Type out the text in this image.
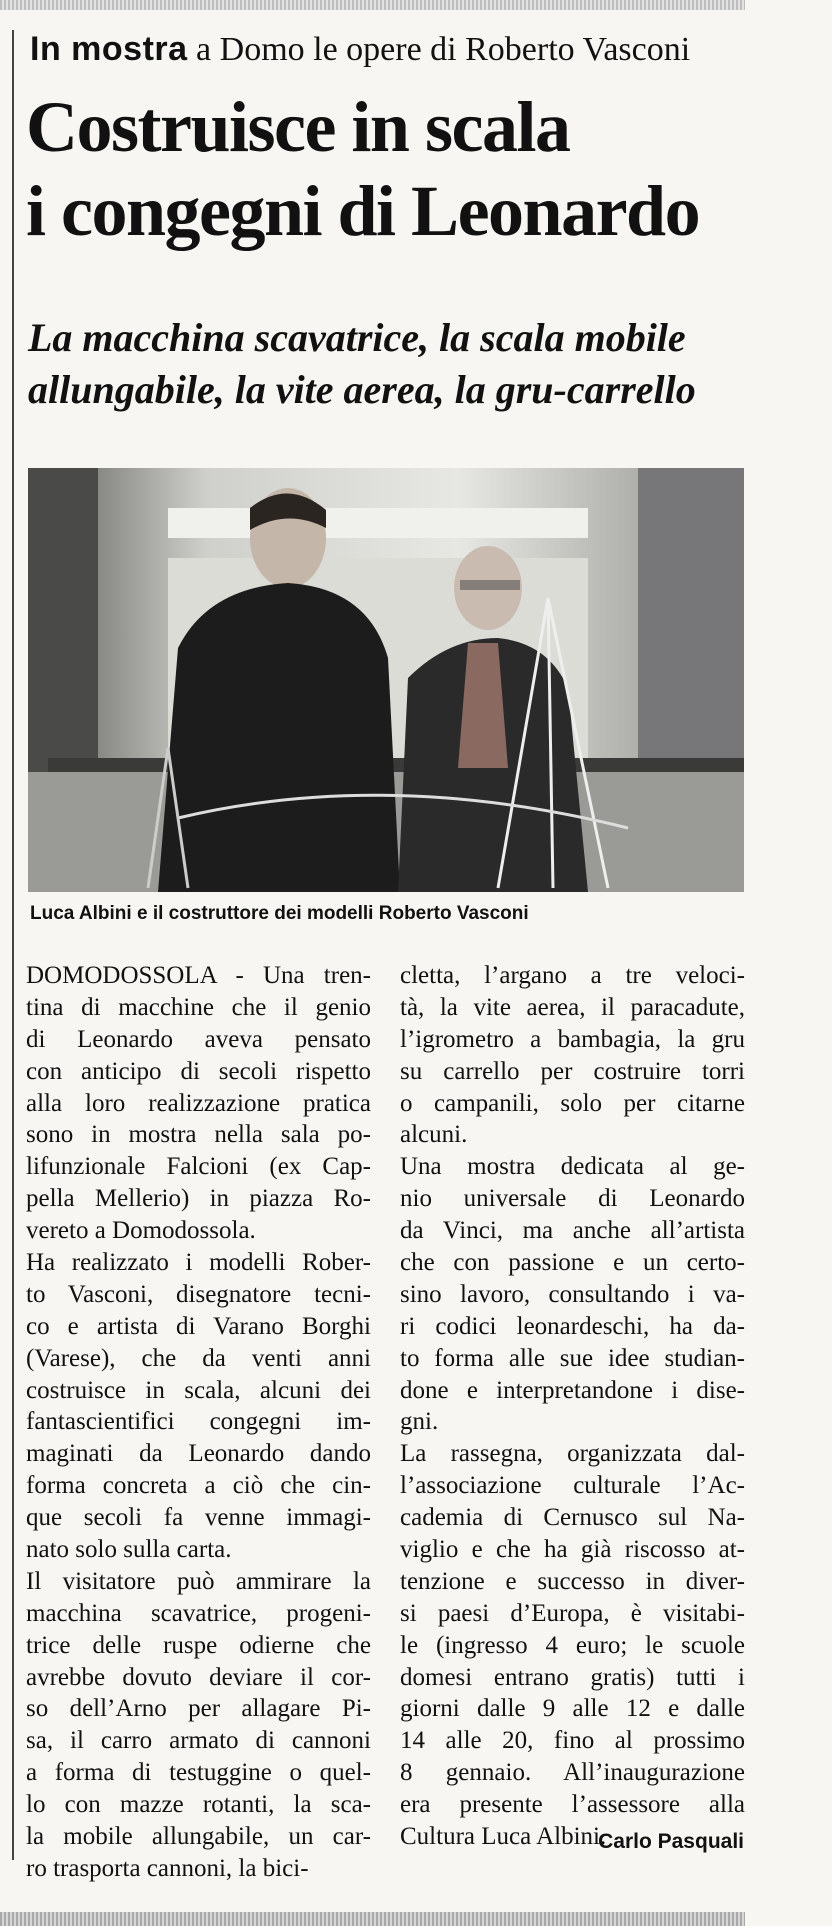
In mostra a Domo le opere di Roberto Vasconi
Costruisce in scala
i congegni di Leonardo
La macchina scavatrice, la scala mobile
allungabile, la vite aerea, la gru-carrello
Luca Albini e il costruttore dei modelli Roberto Vasconi
DOMODOSSOLA - Una tren-
tina di macchine che il genio
di Leonardo aveva pensato
con anticipo di secoli rispetto
alla loro realizzazione pratica
sono in mostra nella sala po-
lifunzionale Falcioni (ex Cap-
pella Mellerio) in piazza Ro-
vereto a Domodossola.
Ha realizzato i modelli Rober-
to Vasconi, disegnatore tecni-
co e artista di Varano Borghi
(Varese), che da venti anni
costruisce in scala, alcuni dei
fantascientifici congegni im-
maginati da Leonardo dando
forma concreta a ciò che cin-
que secoli fa venne immagi-
nato solo sulla carta.
Il visitatore può ammirare la
macchina scavatrice, progeni-
trice delle ruspe odierne che
avrebbe dovuto deviare il cor-
so dell’Arno per allagare Pi-
sa, il carro armato di cannoni
a forma di testuggine o quel-
lo con mazze rotanti, la sca-
la mobile allungabile, un car-
ro trasporta cannoni, la bici-
cletta, l’argano a tre veloci-
tà, la vite aerea, il paracadute,
l’igrometro a bambagia, la gru
su carrello per costruire torri
o campanili, solo per citarne
alcuni.
Una mostra dedicata al ge-
nio universale di Leonardo
da Vinci, ma anche all’artista
che con passione e un certo-
sino lavoro, consultando i va-
ri codici leonardeschi, ha da-
to forma alle sue idee studian-
done e interpretandone i dise-
gni.
La rassegna, organizzata dal-
l’associazione culturale l’Ac-
cademia di Cernusco sul Na-
viglio e che ha già riscosso at-
tenzione e successo in diver-
si paesi d’Europa, è visitabi-
le (ingresso 4 euro; le scuole
domesi entrano gratis) tutti i
giorni dalle 9 alle 12 e dalle
14 alle 20, fino al prossimo
8 gennaio. All’inaugurazione
era presente l’assessore alla
Cultura Luca Albini.
Carlo Pasquali
